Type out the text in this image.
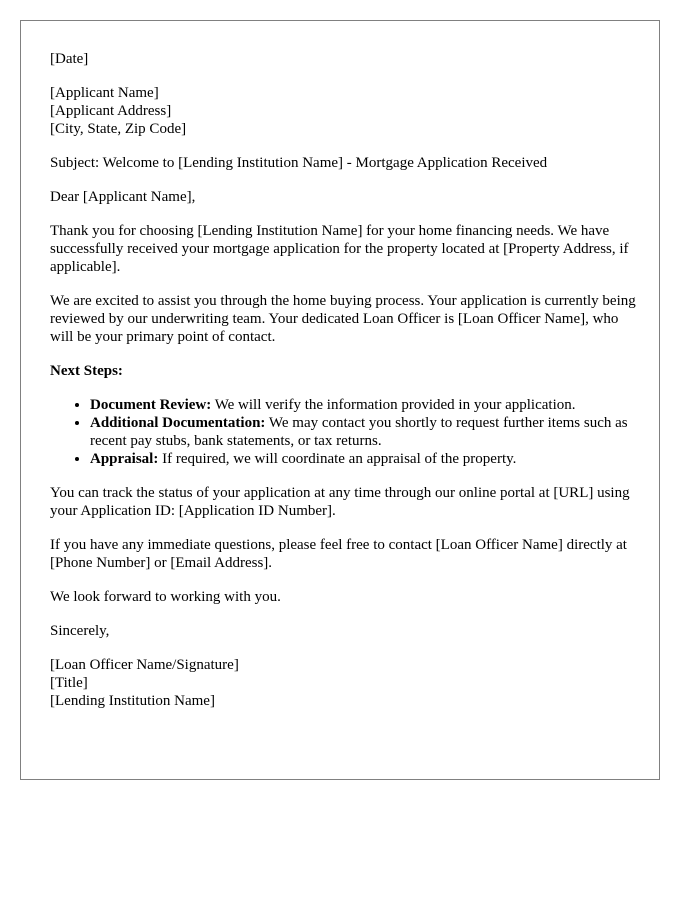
[Date]

[Applicant Name]
[Applicant Address]
[City, State, Zip Code]

Subject: Welcome to [Lending Institution Name] - Mortgage Application Received

Dear [Applicant Name],

Thank you for choosing [Lending Institution Name] for your home financing needs. We have successfully received your mortgage application for the property located at [Property Address, if applicable].

We are excited to assist you through the home buying process. Your application is currently being reviewed by our underwriting team. Your dedicated Loan Officer is [Loan Officer Name], who will be your primary point of contact.

Next Steps:

• Document Review: We will verify the information provided in your application.
• Additional Documentation: We may contact you shortly to request further items such as recent pay stubs, bank statements, or tax returns.
• Appraisal: If required, we will coordinate an appraisal of the property.

You can track the status of your application at any time through our online portal at [URL] using your Application ID: [Application ID Number].

If you have any immediate questions, please feel free to contact [Loan Officer Name] directly at [Phone Number] or [Email Address].

We look forward to working with you.

Sincerely,

[Loan Officer Name/Signature]
[Title]
[Lending Institution Name]
